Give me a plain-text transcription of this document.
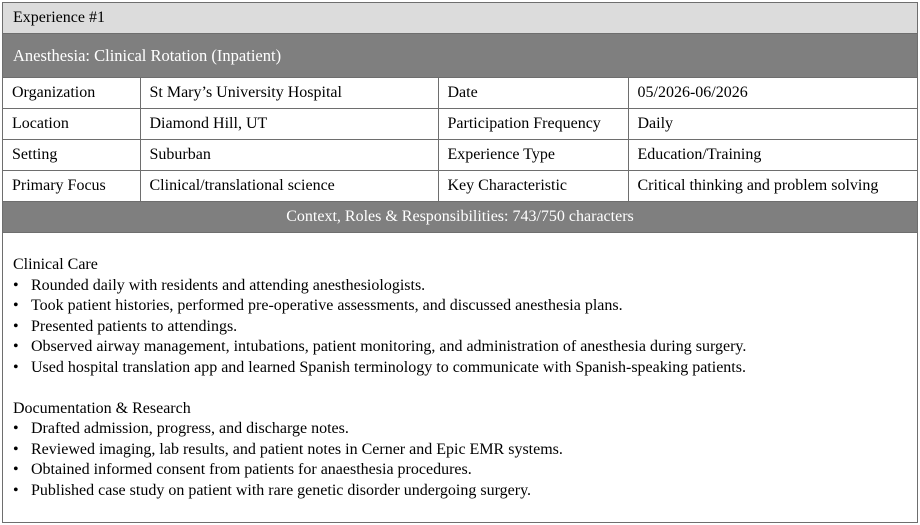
Experience #1
Anesthesia: Clinical Rotation (Inpatient)
Organization	St Mary’s University Hospital	Date	05/2026-06/2026
Location	Diamond Hill, UT	Participation Frequency	Daily
Setting	Suburban	Experience Type	Education/Training
Primary Focus	Clinical/translational science	Key Characteristic	Critical thinking and problem solving
Context, Roles & Responsibilities: 743/750 characters

Clinical Care

• Rounded daily with residents and attending anesthesiologists.
• Took patient histories, performed pre-operative assessments, and discussed anesthesia plans.
• Presented patients to attendings.
• Observed airway management, intubations, patient monitoring, and administration of anesthesia during surgery.
• Used hospital translation app and learned Spanish terminology to communicate with Spanish-speaking patients.

Documentation & Research

• Drafted admission, progress, and discharge notes.
• Reviewed imaging, lab results, and patient notes in Cerner and Epic EMR systems.
• Obtained informed consent from patients for anaesthesia procedures.
• Published case study on patient with rare genetic disorder undergoing surgery.
